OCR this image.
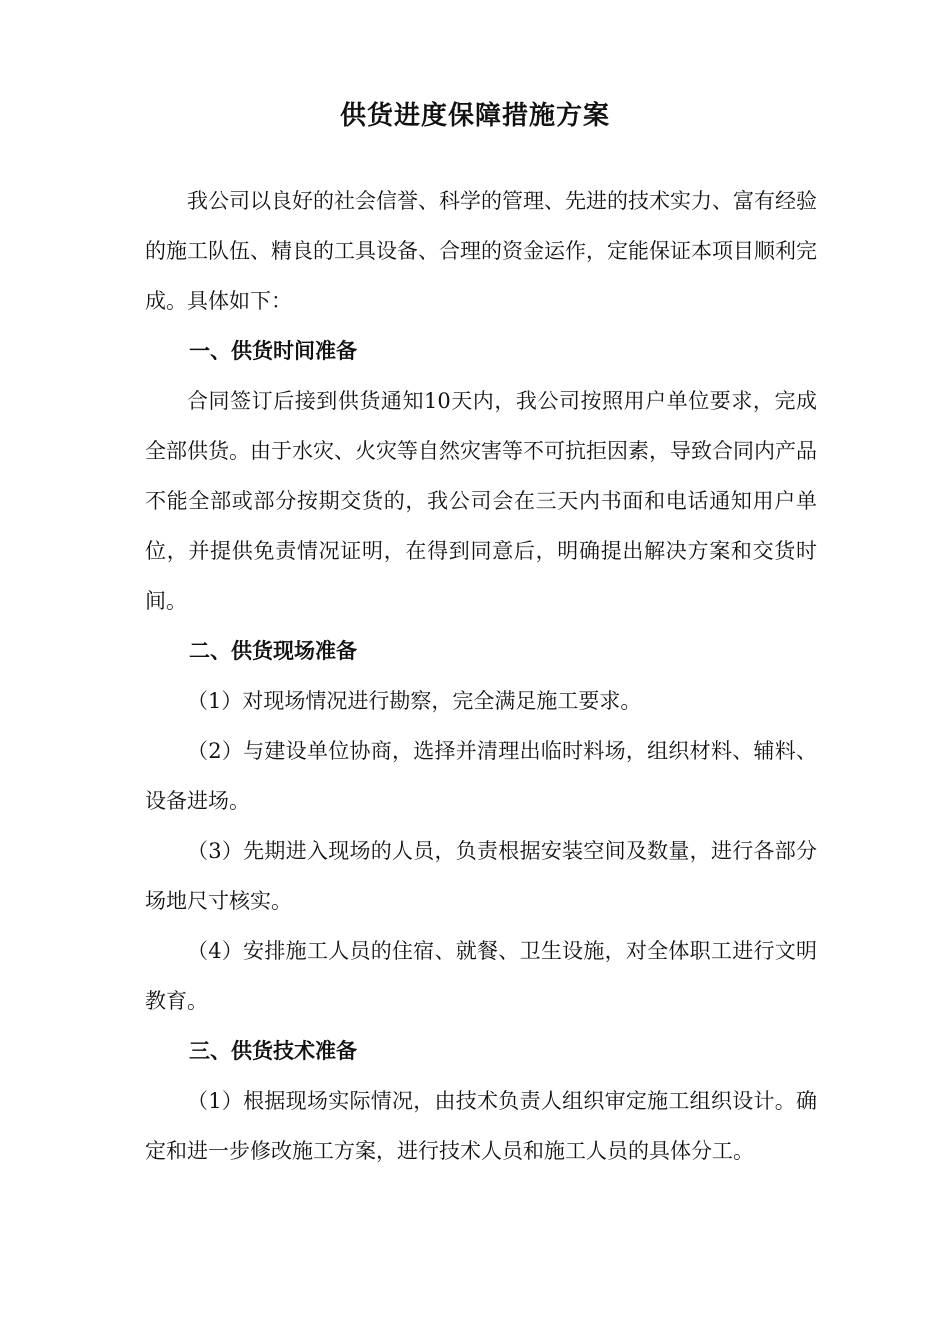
供货进度保障措施方案

我公司以良好的社会信誉、科学的管理、先进的技术实力、富有经验的施工队伍、精良的工具设备、合理的资金运作，定能保证本项目顺利完成。具体如下：

一、供货时间准备

合同签订后接到供货通知10天内，我公司按照用户单位要求，完成全部供货。由于水灾、火灾等自然灾害等不可抗拒因素，导致合同内产品不能全部或部分按期交货的，我公司会在三天内书面和电话通知用户单位，并提供免责情况证明，在得到同意后，明确提出解决方案和交货时间。

二、供货现场准备

（1）对现场情况进行勘察，完全满足施工要求。

（2）与建设单位协商，选择并清理出临时料场，组织材料、辅料、设备进场。

（3）先期进入现场的人员，负责根据安装空间及数量，进行各部分场地尺寸核实。

（4）安排施工人员的住宿、就餐、卫生设施，对全体职工进行文明教育。

三、供货技术准备

（1）根据现场实际情况，由技术负责人组织审定施工组织设计。确定和进一步修改施工方案，进行技术人员和施工人员的具体分工。
